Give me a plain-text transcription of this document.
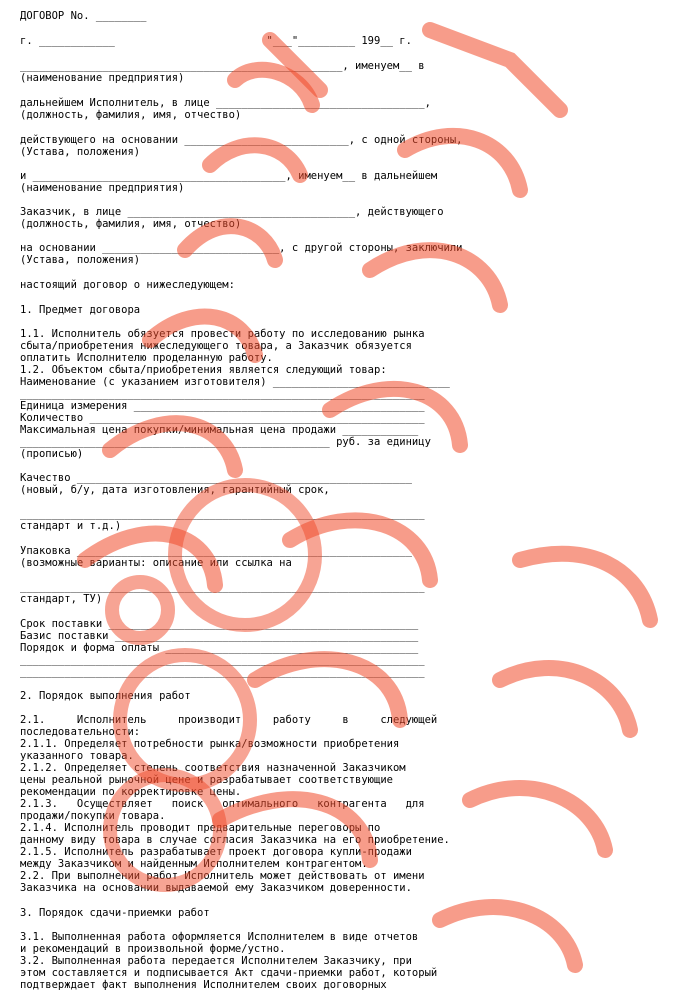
ДОГОВОР No. ________
г. ____________                        "___"_________ 199__ г.
___________________________________________________, именуем__ в
(наименование предприятия)
дальнейшем Исполнитель, в лице _________________________________,
(должность, фамилия, имя, отчество)
действующего на основании __________________________, с одной стороны,
(Устава, положения)
и ________________________________________, именуем__ в дальнейшем
(наименование предприятия)
Заказчик, в лице ____________________________________, действующего
(должность, фамилия, имя, отчество)
на основании ____________________________, с другой стороны, заключили
(Устава, положения)
настоящий договор о нижеследующем:
1. Предмет договора
1.1. Исполнитель обязуется провести работу по исследованию рынка
сбыта/приобретения нижеследующего товара, а Заказчик обязуется
оплатить Исполнителю проделанную работу.
1.2. Объектом сбыта/приобретения является следующий товар:
Наименование (с указанием изготовителя) ____________________________
________________________________________________________________
Единица измерения ______________________________________________
Количество _____________________________________________________
Максимальная цена покупки/минимальная цена продажи ____________
_________________________________________________ руб. за единицу
(прописью)
Качество _____________________________________________________
(новый, б/у, дата изготовления, гарантийный срок,
________________________________________________________________
стандарт и т.д.)
Упаковка _____________________________________________________
(возможные варианты: описание или ссылка на
________________________________________________________________
стандарт, ТУ)
Срок поставки _________________________________________________
Базис поставки ________________________________________________
Порядок и форма оплаты ________________________________________
________________________________________________________________
________________________________________________________________
2. Порядок выполнения работ
2.1.     Исполнитель     производит     работу     в     следующей
последовательности:
2.1.1. Определяет потребности рынка/возможности приобретения
указанного товара.
2.1.2. Определяет степень соответствия назначенной Заказчиком
цены реальной рыночной цене и разрабатывает соответствующие
рекомендации по корректировке цены.
2.1.3.   Осуществляет   поиск   оптимального   контрагента   для
продажи/покупки товара.
2.1.4. Исполнитель проводит предварительные переговоры по
данному виду товара в случае согласия Заказчика на его приобретение.
2.1.5. Исполнитель разрабатывает проект договора купли-продажи
между Заказчиком и найденным Исполнителем контрагентом.
2.2. При выполнении работ Исполнитель может действовать от имени
Заказчика на основании выдаваемой ему Заказчиком доверенности.
3. Порядок сдачи-приемки работ
3.1. Выполненная работа оформляется Исполнителем в виде отчетов
и рекомендаций в произвольной форме/устно.
3.2. Выполненная работа передается Исполнителем Заказчику, при
этом составляется и подписывается Акт сдачи-приемки работ, который
подтверждает факт выполнения Исполнителем своих договорных
